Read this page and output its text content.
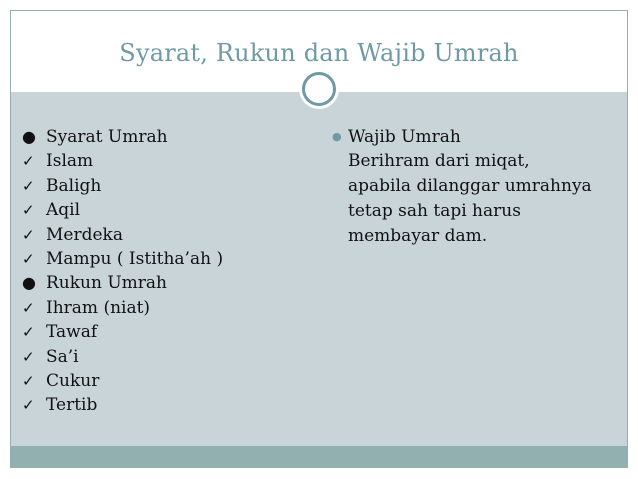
Syarat, Rukun dan Wajib Umrah
● Syarat Umrah
✓ Islam
✓ Baligh
✓ Aqil
✓ Merdeka
✓ Mampu ( Istitha’ah )
● Rukun Umrah
✓ Ihram (niat)
✓ Tawaf
✓ Sa’i
✓ Cukur
✓ Tertib
● Wajib Umrah
Berihram dari miqat,
apabila dilanggar umrahnya
tetap sah tapi harus
membayar dam.
